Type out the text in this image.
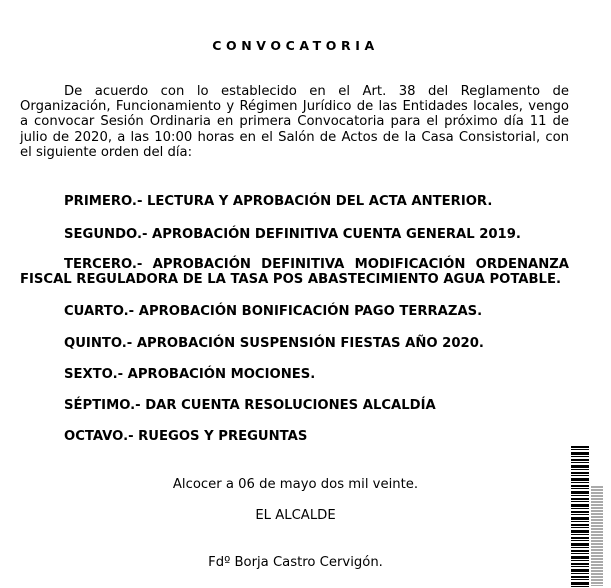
CONVOCATORIA

De acuerdo con lo establecido en el Art. 38 del Reglamento de Organización, Funcionamiento y Régimen Jurídico de las Entidades locales, vengo a convocar Sesión Ordinaria en primera Convocatoria para el próximo día 11 de julio de 2020, a las 10:00 horas en el Salón de Actos de la Casa Consistorial, con el siguiente orden del día:

PRIMERO.- LECTURA Y APROBACIÓN DEL ACTA ANTERIOR.

SEGUNDO.- APROBACIÓN DEFINITIVA CUENTA GENERAL 2019.

TERCERO.- APROBACIÓN DEFINITIVA MODIFICACIÓN ORDENANZA FISCAL REGULADORA DE LA TASA POS ABASTECIMIENTO AGUA POTABLE.

CUARTO.- APROBACIÓN BONIFICACIÓN PAGO TERRAZAS.

QUINTO.- APROBACIÓN SUSPENSIÓN FIESTAS AÑO 2020.

SEXTO.- APROBACIÓN MOCIONES.

SÉPTIMO.- DAR CUENTA RESOLUCIONES ALCALDÍA

OCTAVO.- RUEGOS Y PREGUNTAS

Alcocer a 06 de mayo dos mil veinte.

EL ALCALDE

Fdº Borja Castro Cervigón.
